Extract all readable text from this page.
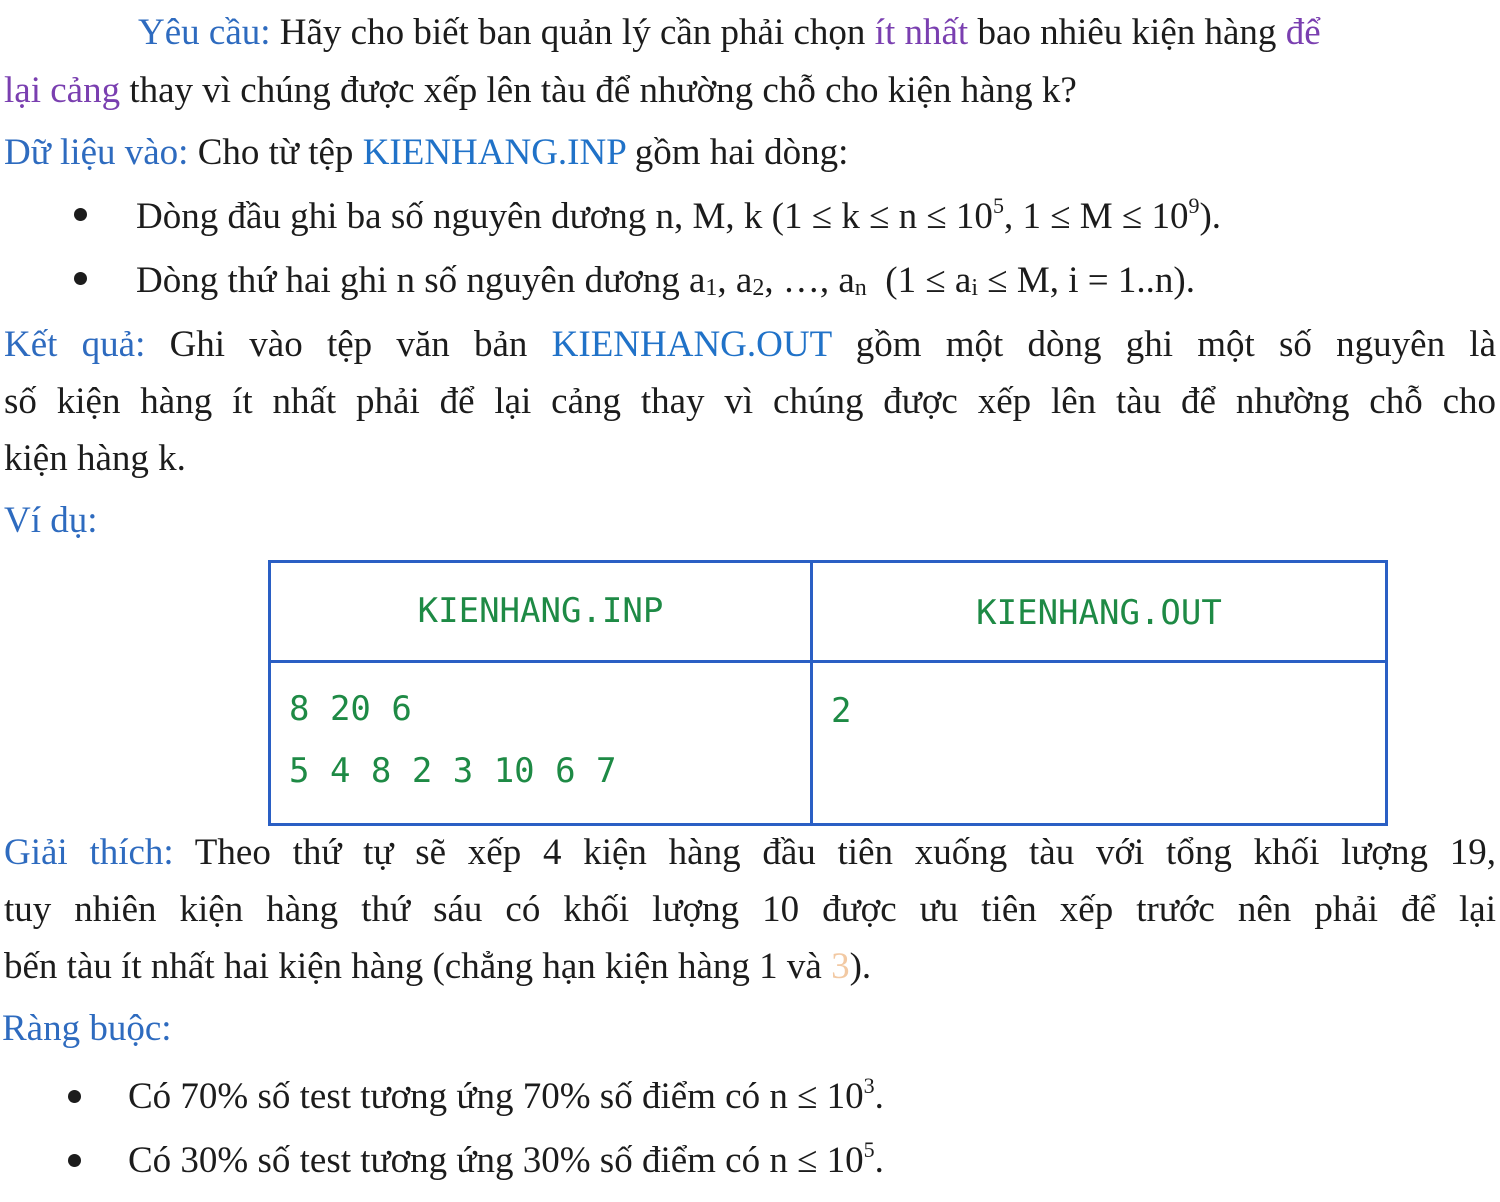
Yêu cầu: Hãy cho biết ban quản lý cần phải chọn ít nhất bao nhiêu kiện hàng để
lại cảng thay vì chúng được xếp lên tàu để nhường chỗ cho kiện hàng k?
Dữ liệu vào: Cho từ tệp KIENHANG.INP gồm hai dòng:
Dòng đầu ghi ba số nguyên dương n, M, k ($1 \le k \le n \le 10^5$, $1 \le M \le 10^9$).
Dòng thứ hai ghi n số nguyên dương $a_1$, $a_2$, …, $a_n$  ($1 \le a_i \le M$, i = 1..n).
Kết quả: Ghi vào tệp văn bản KIENHANG.OUT gồm một dòng ghi một số nguyên là
số kiện hàng ít nhất phải để lại cảng thay vì chúng được xếp lên tàu để nhường chỗ cho
kiện hàng k.
Ví dụ:
KIENHANG.INP	KIENHANG.OUT
8 20 6
5 4 8 2 3 10 6 7
2
Giải thích: Theo thứ tự sẽ xếp 4 kiện hàng đầu tiên xuống tàu với tổng khối lượng 19,
tuy nhiên kiện hàng thứ sáu có khối lượng 10 được ưu tiên xếp trước nên phải để lại
bến tàu ít nhất hai kiện hàng (chẳng hạn kiện hàng 1 và 3).
Ràng buộc:
Có 70% số test tương ứng 70% số điểm có $n \le 10^3$.
Có 30% số test tương ứng 30% số điểm có $n \le 10^5$.
